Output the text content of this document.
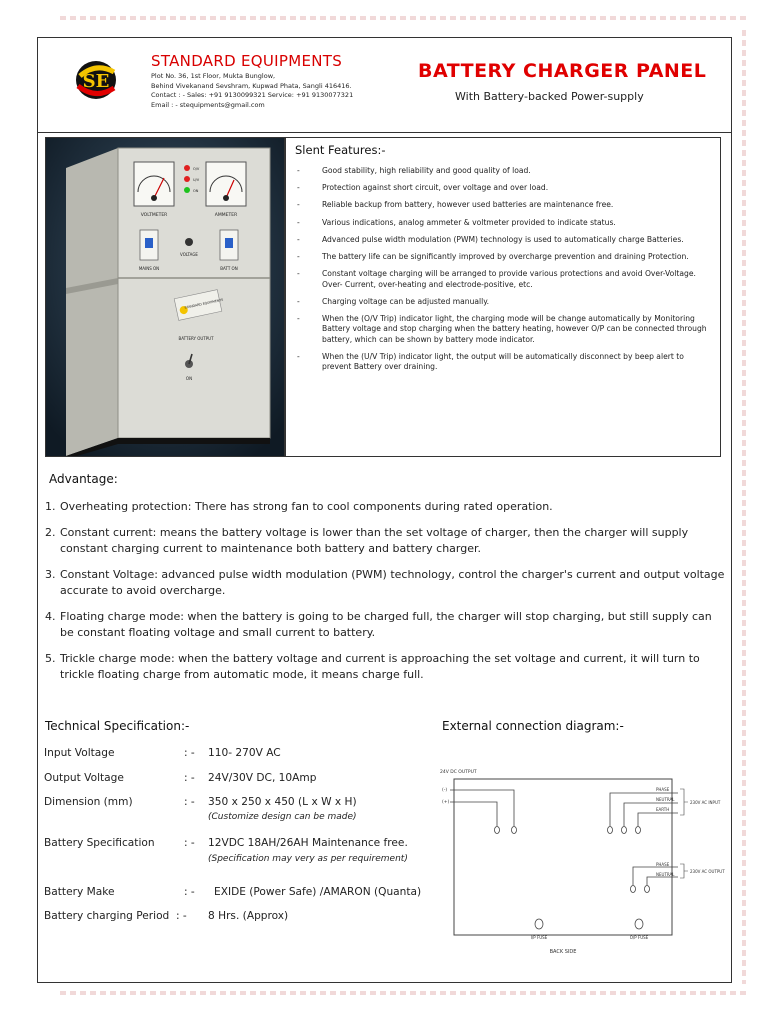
SE
STANDARD EQUIPMENTS
Plot No. 36, 1st Floor, Mukta Bunglow,
Behind Vivekanand Sevshram, Kupwad Phata, Sangli 416416.
Contact : - Sales: +91 9130099321 Service: +91 9130077321
Email : - stequipments@gmail.com
BATTERY CHARGER PANEL
With Battery-backed Power-supply
VOLTMETER	AMMETER
O/V
U/V
ON
VOLTAGE
MAINS ON	BATT ON
STANDARD EQUIPMENTS
BATTERY OUTPUT
ON
Slent Features:-
-	Good stability, high reliability and good quality of load.
-	Protection against short circuit, over voltage and over load.
-	Reliable backup from battery, however used batteries are maintenance free.
-	Various indications, analog ammeter & voltmeter provided to indicate status.
-	Advanced pulse width modulation (PWM) technology is used to automatically charge Batteries.
-	The battery life can be significantly improved by overcharge prevention and draining Protection.
-	Constant voltage charging will be arranged to provide various protections and avoid Over-Voltage. Over- Current, over-heating and electrode-positive, etc.
-	Charging voltage can be adjusted manually.
-	When the (O/V Trip) indicator light, the charging mode will be change automatically by Monitoring Battery voltage and stop charging when the battery heating, however O/P can be connected through battery, which can be shown by battery mode indicator.
-	When the (U/V Trip) indicator light, the output will be automatically disconnect by beep alert to prevent Battery over draining.
Advantage:
1. Overheating protection: There has strong fan to cool components during rated operation.
2. Constant current: means the battery voltage is lower than the set voltage of charger, then the charger will supply constant charging current to maintenance both battery and battery charger.
3. Constant Voltage: advanced pulse width modulation (PWM) technology, control the charger's current and output voltage accurate to avoid overcharge.
4. Floating charge mode: when the battery is going to be charged full, the charger will stop charging, but still supply can be constant floating voltage and small current to battery.
5. Trickle charge mode: when the battery voltage and current is approaching the set voltage and current, it will turn to trickle floating charge from automatic mode, it means charge full.
Technical Specification:-
Input Voltage	: - 110- 270V AC
Output Voltage	: - 24V/30V DC, 10Amp
Dimension (mm)	: - 350 x 250 x 450 (L x W x H)
(Customize design can be made)
Battery Specification	: - 12VDC 18AH/26AH Maintenance free.
(Specification may very as per requirement)
Battery Make	: - EXIDE (Power Safe) /AMARON (Quanta)
Battery charging Period : - 8 Hrs. (Approx)
External connection diagram:-
24V DC OUTPUT
(-)
(+)
PHASE
NEUTRAL
EARTH
230V AC INPUT
PHASE
NEUTRAL
230V AC OUTPUT
I/P FUSE	O/P FUSE
BACK SIDE
